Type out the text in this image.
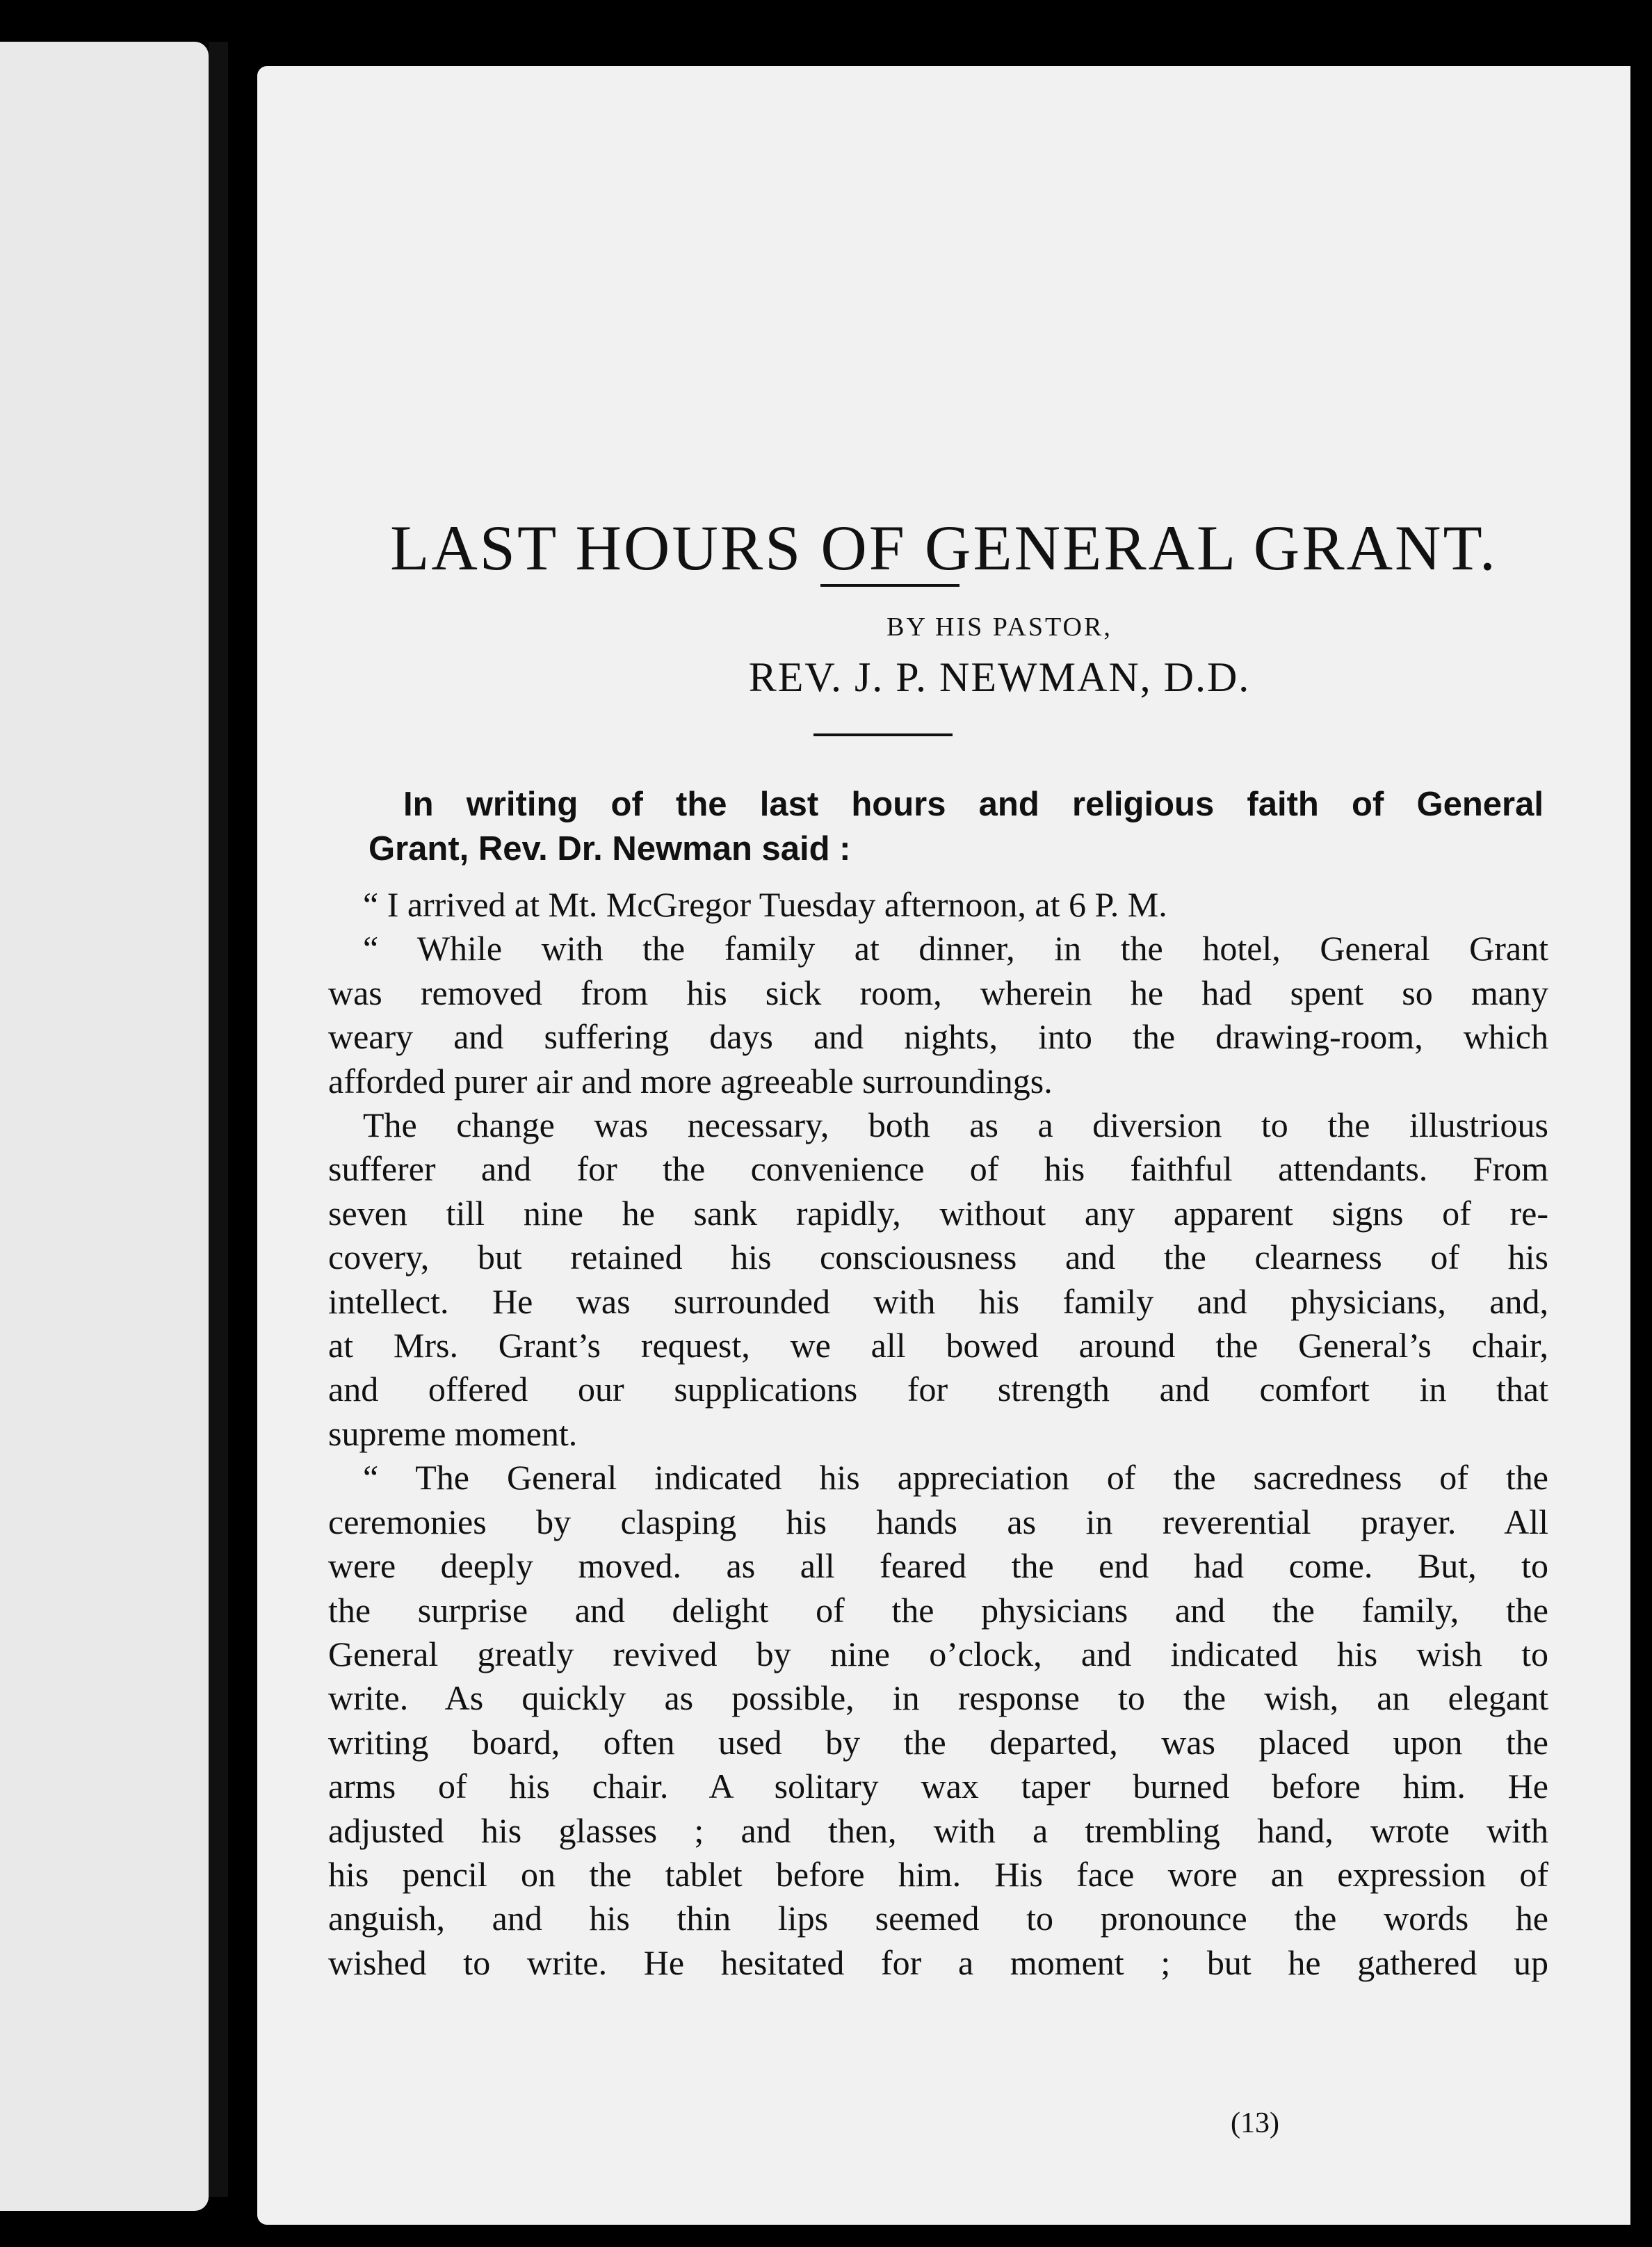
LAST HOURS OF GENERAL GRANT.
BY HIS PASTOR,
REV. J. P. NEWMAN, D.D.
In writing of the last hours and religious faith of General
Grant, Rev. Dr. Newman said :
“ I arrived at Mt. McGregor Tuesday afternoon, at 6 P. M.
“ While with the family at dinner, in the hotel, General Grant
was removed from his sick room, wherein he had spent so many
weary and suffering days and nights, into the drawing-room, which
afforded purer air and more agreeable surroundings.
The change was necessary, both as a diversion to the illustrious
sufferer and for the convenience of his faithful attendants. From
seven till nine he sank rapidly, without any apparent signs of re-
covery, but retained his consciousness and the clearness of his
intellect. He was surrounded with his family and physicians, and,
at Mrs. Grant’s request, we all bowed around the General’s chair,
and offered our supplications for strength and comfort in that
supreme moment.
“ The General indicated his appreciation of the sacredness of the
ceremonies by clasping his hands as in reverential prayer. All
were deeply moved. as all feared the end had come. But, to
the surprise and delight of the physicians and the family, the
General greatly revived by nine o’clock, and indicated his wish to
write. As quickly as possible, in response to the wish, an elegant
writing board, often used by the departed, was placed upon the
arms of his chair. A solitary wax taper burned before him. He
adjusted his glasses ; and then, with a trembling hand, wrote with
his pencil on the tablet before him. His face wore an expression of
anguish, and his thin lips seemed to pronounce the words he
wished to write. He hesitated for a moment ; but he gathered up
(13)
